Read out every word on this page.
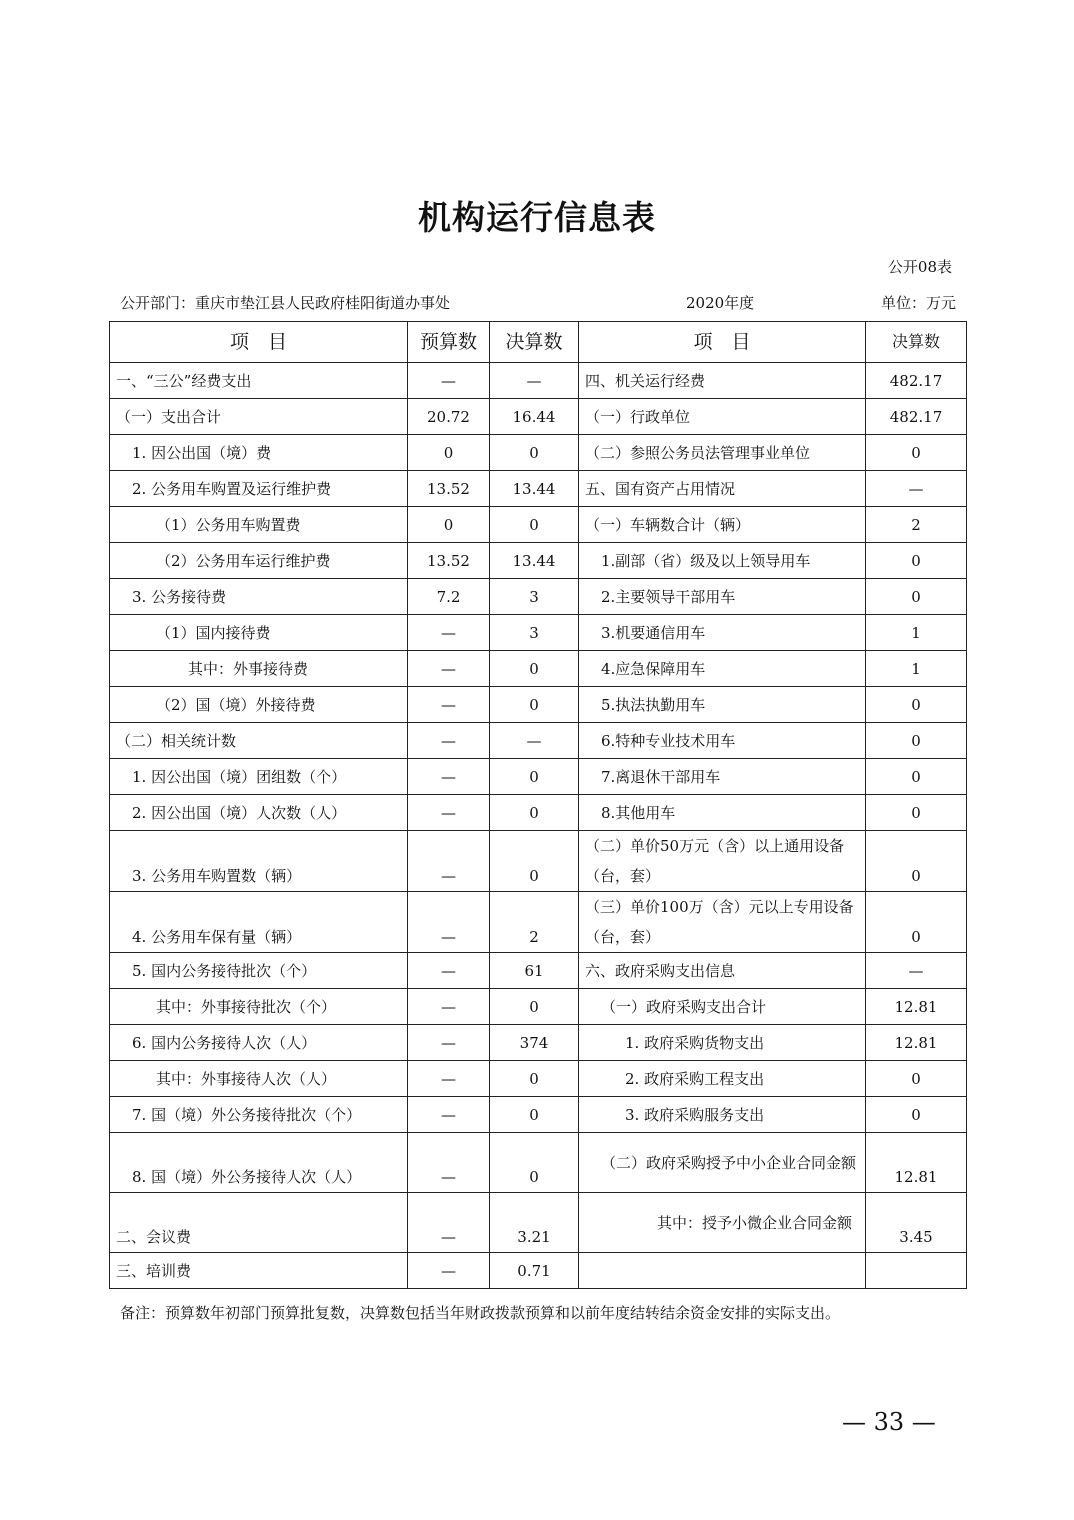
机构运行信息表
公开08表
公开部门：重庆市垫江县人民政府桂阳街道办事处	2020年度	单位：万元
项　目	预算数	决算数	项　目	决算数
一、“三公”经费支出	—	—	四、机关运行经费	482.17
（一）支出合计	20.72	16.44	（一）行政单位	482.17
1. 因公出国（境）费	0	0	（二）参照公务员法管理事业单位	0
2. 公务用车购置及运行维护费	13.52	13.44	五、国有资产占用情况	—
（1）公务用车购置费	0	0	（一）车辆数合计（辆）	2
（2）公务用车运行维护费	13.52	13.44	1.副部（省）级及以上领导用车	0
3. 公务接待费	7.2	3	2.主要领导干部用车	0
（1）国内接待费	—	3	3.机要通信用车	1
其中：外事接待费	—	0	4.应急保障用车	1
（2）国（境）外接待费	—	0	5.执法执勤用车	0
（二）相关统计数	—	—	6.特种专业技术用车	0
1. 因公出国（境）团组数（个）	—	0	7.离退休干部用车	0
2. 因公出国（境）人次数（人）	—	0	8.其他用车	0
3. 公务用车购置数（辆）	—	0	（二）单价50万元（含）以上通用设备（台，套）	0
4. 公务用车保有量（辆）	—	2	（三）单价100万（含）元以上专用设备（台，套）	0
5. 国内公务接待批次（个）	—	61	六、政府采购支出信息	—
其中：外事接待批次（个）	—	0	（一）政府采购支出合计	12.81
6. 国内公务接待人次（人）	—	374	1. 政府采购货物支出	12.81
其中：外事接待人次（人）	—	0	2. 政府采购工程支出	0
7. 国（境）外公务接待批次（个）	—	0	3. 政府采购服务支出	0
8. 国（境）外公务接待人次（人）	—	0	（二）政府采购授予中小企业合同金额	12.81
二、会议费	—	3.21	其中：授予小微企业合同金额	3.45
三、培训费	—	0.71		
备注：预算数年初部门预算批复数，决算数包括当年财政拨款预算和以前年度结转结余资金安排的实际支出。
— 33 —
